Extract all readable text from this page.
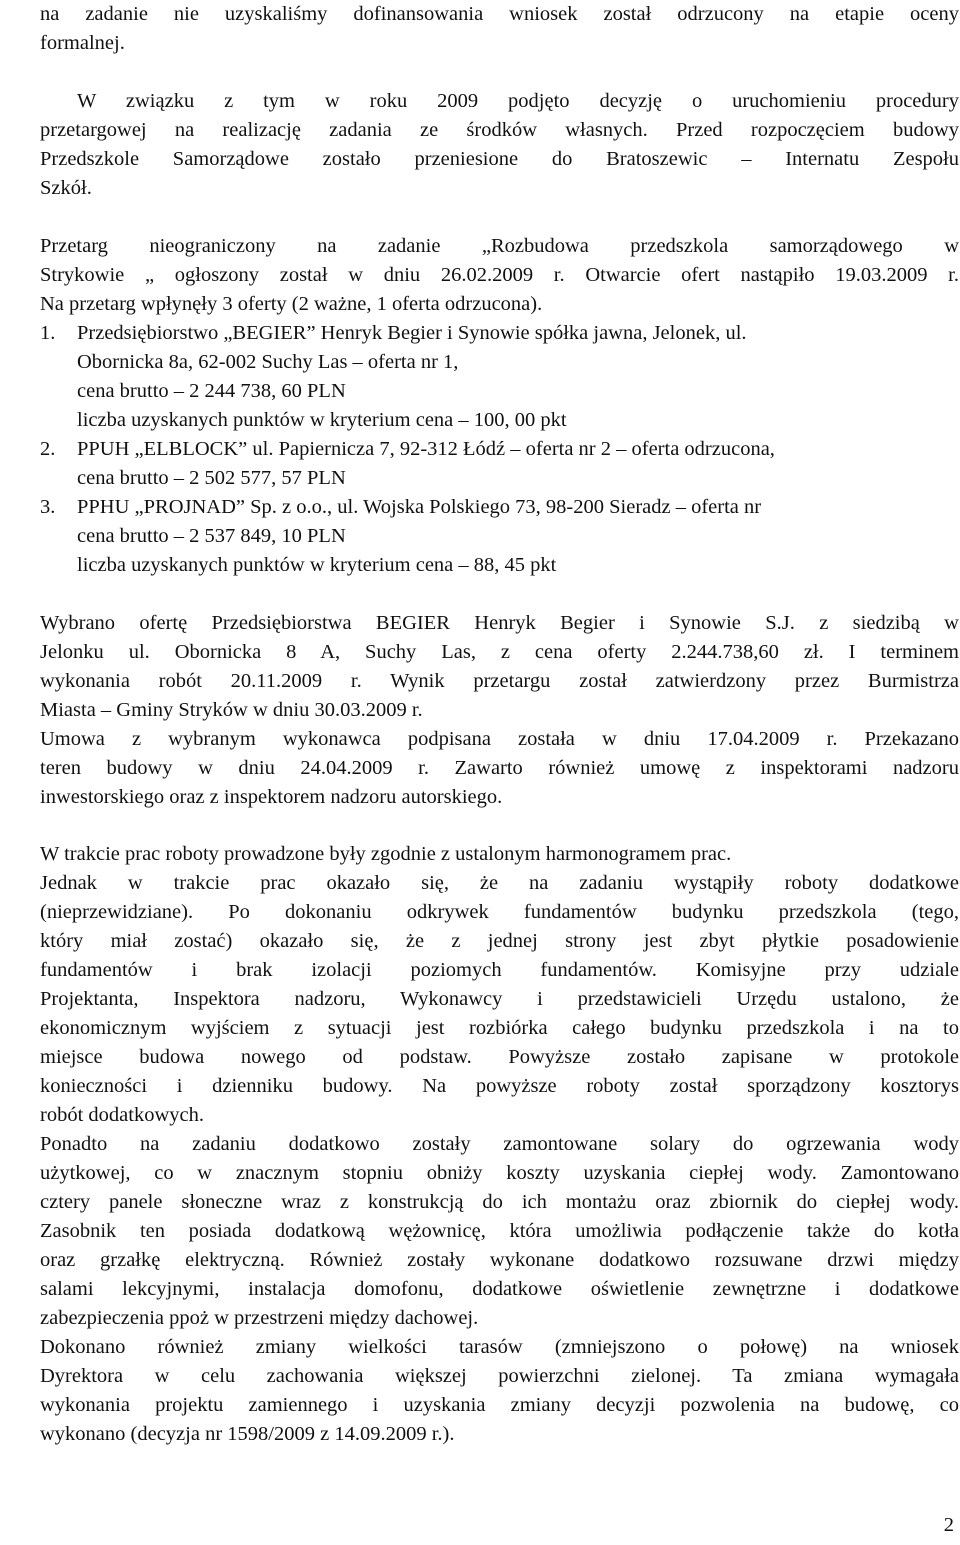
na zadanie nie uzyskaliśmy dofinansowania wniosek został odrzucony na etapie oceny
formalnej.

W związku z tym w roku 2009 podjęto decyzję o uruchomieniu procedury
przetargowej na realizację zadania ze środków własnych. Przed rozpoczęciem budowy
Przedszkole Samorządowe zostało przeniesione do Bratoszewic – Internatu Zespołu
Szkół.

Przetarg nieograniczony na zadanie „Rozbudowa przedszkola samorządowego w
Strykowie „ ogłoszony został w dniu 26.02.2009 r. Otwarcie ofert nastąpiło 19.03.2009 r.
Na przetarg wpłynęły 3 oferty (2 ważne, 1 oferta odrzucona).

1. Przedsiębiorstwo „BEGIER” Henryk Begier i Synowie spółka jawna, Jelonek, ul.
Obornicka 8a, 62-002 Suchy Las – oferta nr 1,
cena brutto – 2 244 738, 60 PLN
liczba uzyskanych punktów w kryterium cena – 100, 00 pkt
2. PPUH „ELBLOCK” ul. Papiernicza 7, 92-312 Łódź – oferta nr 2 – oferta odrzucona,
cena brutto – 2 502 577, 57 PLN
3. PPHU „PROJNAD” Sp. z o.o., ul. Wojska Polskiego 73, 98-200 Sieradz – oferta nr
cena brutto – 2 537 849, 10 PLN
liczba uzyskanych punktów w kryterium cena – 88, 45 pkt

Wybrano ofertę Przedsiębiorstwa BEGIER Henryk Begier i Synowie S.J. z siedzibą w
Jelonku ul. Obornicka 8 A, Suchy Las, z cena oferty 2.244.738,60 zł. I terminem
wykonania robót 20.11.2009 r. Wynik przetargu został zatwierdzony przez Burmistrza
Miasta – Gminy Stryków w dniu 30.03.2009 r.

Umowa z wybranym wykonawca podpisana została w dniu 17.04.2009 r. Przekazano
teren budowy w dniu 24.04.2009 r. Zawarto również umowę z inspektorami nadzoru
inwestorskiego oraz z inspektorem nadzoru autorskiego.

W trakcie prac roboty prowadzone były zgodnie z ustalonym harmonogramem prac.

Jednak w trakcie prac okazało się, że na zadaniu wystąpiły roboty dodatkowe
(nieprzewidziane). Po dokonaniu odkrywek fundamentów budynku przedszkola (tego,
który miał zostać) okazało się, że z jednej strony jest zbyt płytkie posadowienie
fundamentów i brak izolacji poziomych fundamentów. Komisyjne przy udziale
Projektanta, Inspektora nadzoru, Wykonawcy i przedstawicieli Urzędu ustalono, że
ekonomicznym wyjściem z sytuacji jest rozbiórka całego budynku przedszkola i na to
miejsce budowa nowego od podstaw. Powyższe zostało zapisane w protokole
konieczności i dzienniku budowy. Na powyższe roboty został sporządzony kosztorys
robót dodatkowych.

Ponadto na zadaniu dodatkowo zostały zamontowane solary do ogrzewania wody
użytkowej, co w znacznym stopniu obniży koszty uzyskania ciepłej wody. Zamontowano
cztery panele słoneczne wraz z konstrukcją do ich montażu oraz zbiornik do ciepłej wody.
Zasobnik ten posiada dodatkową wężownicę, która umożliwia podłączenie także do kotła
oraz grzałkę elektryczną. Również zostały wykonane dodatkowo rozsuwane drzwi między
salami lekcyjnymi, instalacja domofonu, dodatkowe oświetlenie zewnętrzne i dodatkowe
zabezpieczenia ppoż w przestrzeni między dachowej.

Dokonano również zmiany wielkości tarasów (zmniejszono o połowę) na wniosek
Dyrektora w celu zachowania większej powierzchni zielonej. Ta zmiana wymagała
wykonania projektu zamiennego i uzyskania zmiany decyzji pozwolenia na budowę, co
wykonano (decyzja nr 1598/2009 z 14.09.2009 r.).

2
